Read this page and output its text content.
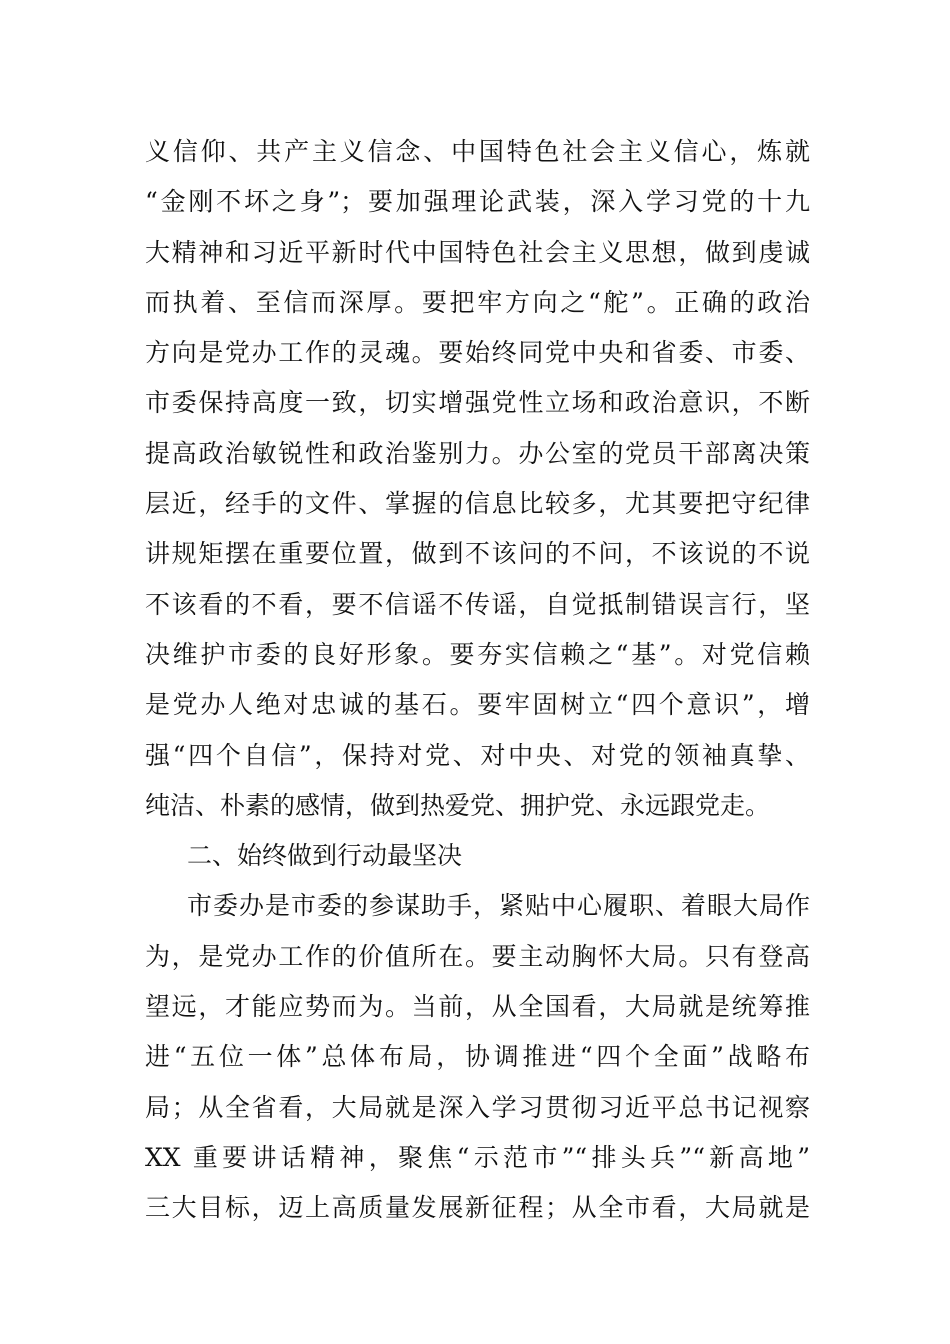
义信仰、共产主义信念、中国特色社会主义信心，炼就
“金刚不坏之身”；要加强理论武装，深入学习党的十九
大精神和习近平新时代中国特色社会主义思想，做到虔诚
而执着、至信而深厚。要把牢方向之“舵”。正确的政治
方向是党办工作的灵魂。要始终同党中央和省委、市委、
市委保持高度一致，切实增强党性立场和政治意识，不断
提高政治敏锐性和政治鉴别力。办公室的党员干部离决策
层近，经手的文件、掌握的信息比较多，尤其要把守纪律
讲规矩摆在重要位置，做到不该问的不问，不该说的不说
不该看的不看，要不信谣不传谣，自觉抵制错误言行，坚
决维护市委的良好形象。要夯实信赖之“基”。对党信赖
是党办人绝对忠诚的基石。要牢固树立“四个意识”，增
强“四个自信”，保持对党、对中央、对党的领袖真挚、
纯洁、朴素的感情，做到热爱党、拥护党、永远跟党走。
二、始终做到行动最坚决
市委办是市委的参谋助手，紧贴中心履职、着眼大局作
为，是党办工作的价值所在。要主动胸怀大局。只有登高
望远，才能应势而为。当前，从全国看，大局就是统筹推
进“五位一体”总体布局，协调推进“四个全面”战略布
局；从全省看，大局就是深入学习贯彻习近平总书记视察
XX 重要讲话精神，聚焦“示范市”“排头兵”“新高地”
三大目标，迈上高质量发展新征程；从全市看，大局就是
